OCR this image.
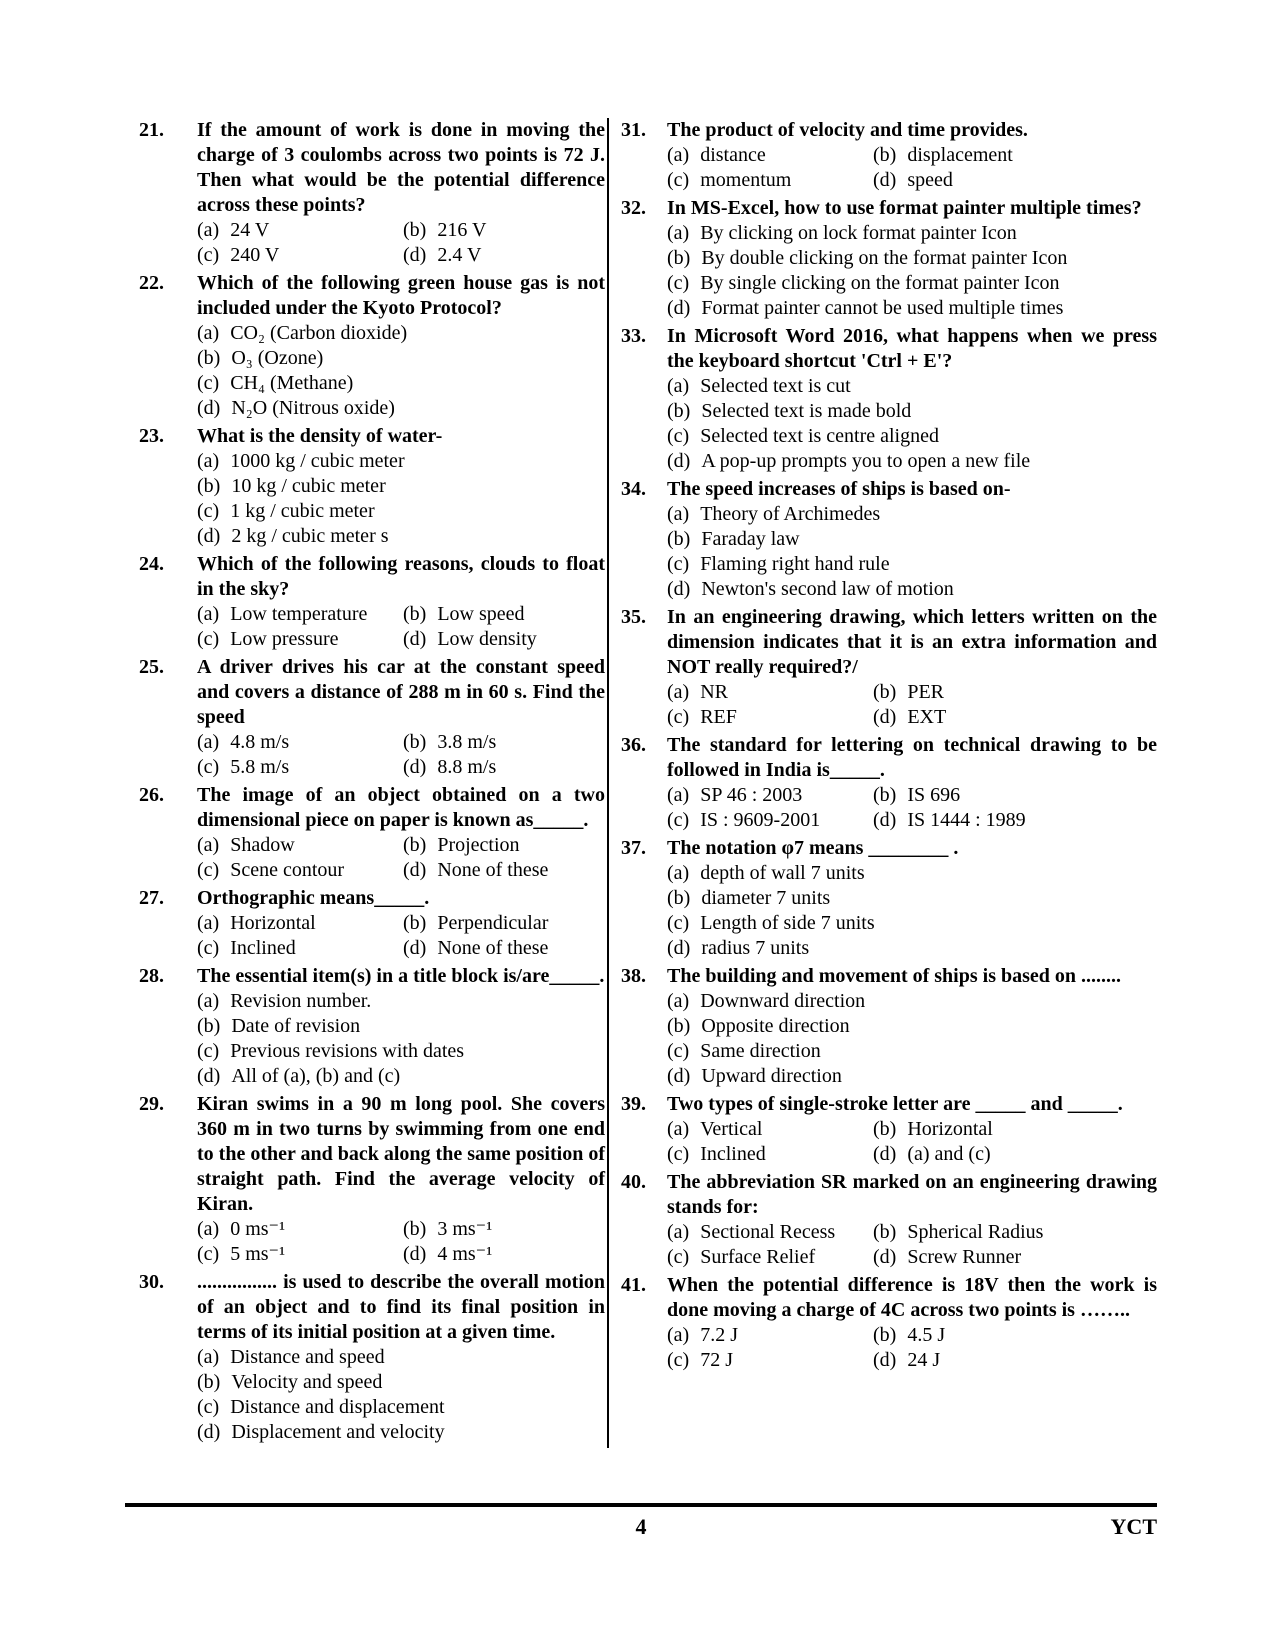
21.	If the amount of work is done in moving the charge of 3 coulombs across two points is 72 J. Then what would be the potential difference across these points?
(a) 24 V	(b) 216 V
(c) 240 V	(d) 2.4 V
22.	Which of the following green house gas is not included under the Kyoto Protocol?
(a) CO₂ (Carbon dioxide)
(b) O₃ (Ozone)
(c) CH₄ (Methane)
(d) N₂O (Nitrous oxide)
23.	What is the density of water-
(a) 1000 kg / cubic meter
(b) 10 kg / cubic meter
(c) 1 kg / cubic meter
(d) 2 kg / cubic meter s
24.	Which of the following reasons, clouds to float in the sky?
(a) Low temperature	(b) Low speed
(c) Low pressure	(d) Low density
25.	A driver drives his car at the constant speed and covers a distance of 288 m in 60 s. Find the speed
(a) 4.8 m/s	(b) 3.8 m/s
(c) 5.8 m/s	(d) 8.8 m/s
26.	The image of an object obtained on a two dimensional piece on paper is known as_____.
(a) Shadow	(b) Projection
(c) Scene contour	(d) None of these
27.	Orthographic means_____.
(a) Horizontal	(b) Perpendicular
(c) Inclined	(d) None of these
28.	The essential item(s) in a title block is/are_____.
(a) Revision number.
(b) Date of revision
(c) Previous revisions with dates
(d) All of (a), (b) and (c)
29.	Kiran swims in a 90 m long pool. She covers 360 m in two turns by swimming from one end to the other and back along the same position of straight path. Find the average velocity of Kiran.
(a) 0 ms⁻¹	(b) 3 ms⁻¹
(c) 5 ms⁻¹	(d) 4 ms⁻¹
30.	................ is used to describe the overall motion of an object and to find its final position in terms of its initial position at a given time.
(a) Distance and speed
(b) Velocity and speed
(c) Distance and displacement
(d) Displacement and velocity
31.	The product of velocity and time provides.
(a) distance	(b) displacement
(c) momentum	(d) speed
32.	In MS-Excel, how to use format painter multiple times?
(a) By clicking on lock format painter Icon
(b) By double clicking on the format painter Icon
(c) By single clicking on the format painter Icon
(d) Format painter cannot be used multiple times
33.	In Microsoft Word 2016, what happens when we press the keyboard shortcut 'Ctrl + E'?
(a) Selected text is cut
(b) Selected text is made bold
(c) Selected text is centre aligned
(d) A pop-up prompts you to open a new file
34.	The speed increases of ships is based on-
(a) Theory of Archimedes
(b) Faraday law
(c) Flaming right hand rule
(d) Newton's second law of motion
35.	In an engineering drawing, which letters written on the dimension indicates that it is an extra information and NOT really required?/
(a) NR	(b) PER
(c) REF	(d) EXT
36.	The standard for lettering on technical drawing to be followed in India is_____.
(a) SP 46 : 2003	(b) IS 696
(c) IS : 9609-2001	(d) IS 1444 : 1989
37.	The notation φ7 means ________ .
(a) depth of wall 7 units
(b) diameter 7 units
(c) Length of side 7 units
(d) radius 7 units
38.	The building and movement of ships is based on ........
(a) Downward direction
(b) Opposite direction
(c) Same direction
(d) Upward direction
39.	Two types of single-stroke letter are _____ and _____.
(a) Vertical	(b) Horizontal
(c) Inclined	(d) (a) and (c)
40.	The abbreviation SR marked on an engineering drawing stands for:
(a) Sectional Recess	(b) Spherical Radius
(c) Surface Relief	(d) Screw Runner
41.	When the potential difference is 18V then the work is done moving a charge of 4C across two points is ……..
(a) 7.2 J	(b) 4.5 J
(c) 72 J	(d) 24 J
4	YCT
